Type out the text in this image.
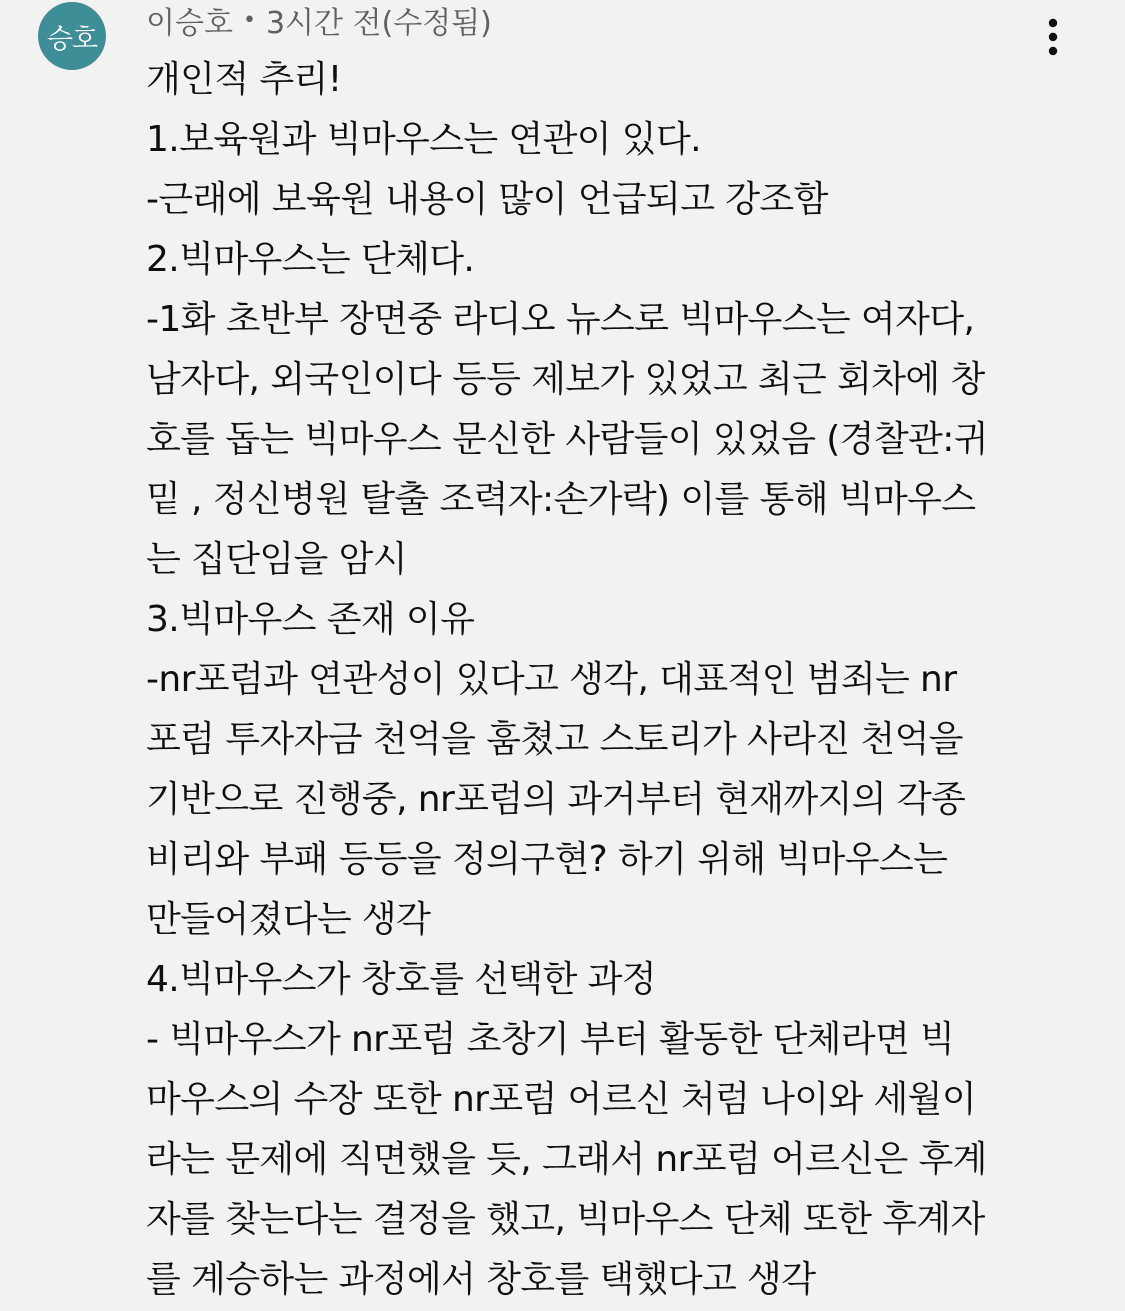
승호 이승호 • 3시간 전(수정됨)
개인적 추리!
1.보육원과 빅마우스는 연관이 있다.
-근래에 보육원 내용이 많이 언급되고 강조함
2.빅마우스는 단체다.
-1화 초반부 장면중 라디오 뉴스로 빅마우스는 여자다,
남자다, 외국인이다 등등 제보가 있었고 최근 회차에 창
호를 돕는 빅마우스 문신한 사람들이 있었음 (경찰관:귀
밑 , 정신병원 탈출 조력자:손가락) 이를 통해 빅마우스
는 집단임을 암시
3.빅마우스 존재 이유
-nr포럼과 연관성이 있다고 생각, 대표적인 범죄는 nr
포럼 투자자금 천억을 훔쳤고 스토리가 사라진 천억을
기반으로 진행중, nr포럼의 과거부터 현재까지의 각종
비리와 부패 등등을 정의구현? 하기 위해 빅마우스는
만들어졌다는 생각
4.빅마우스가 창호를 선택한 과정
- 빅마우스가 nr포럼 초창기 부터 활동한 단체라면 빅
마우스의 수장 또한 nr포럼 어르신 처럼 나이와 세월이
라는 문제에 직면했을 듯, 그래서 nr포럼 어르신은 후계
자를 찾는다는 결정을 했고, 빅마우스 단체 또한 후계자
를 계승하는 과정에서 창호를 택했다고 생각
